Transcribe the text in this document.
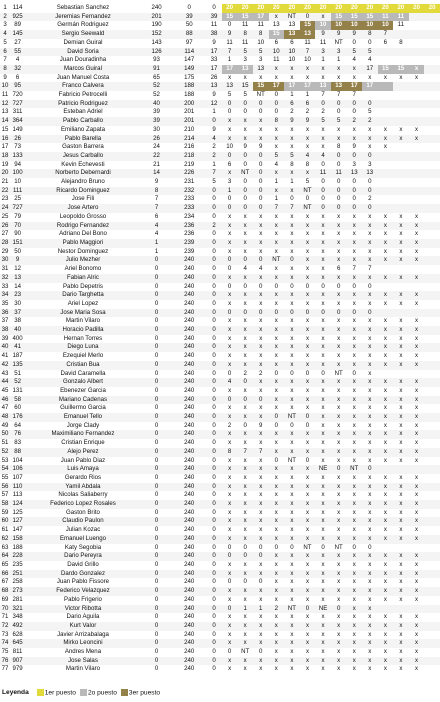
1	114	Sebastian Sanchez	240	0	0	20	20	20	20	20	20	20	20	20	20	20	20	20	20
2	925	Jeremias Fernandez	201	39	39	15	15	17	x	NT	0	x	15	15	15	11	11		
3	89	Germán Rodriguez	190	50	11	0	11	11	13	13	15	10	10	10	10	10	11		
4	145	Sergio Seewald	152	88	38	9	8	8	15	13	13	9	9	9	8	7			
5	27	Demian Guiral	143	97	9	11	11	10	6	6	11	11	NT	0	0	6	8		
6	55	David Soria	126	114	17	7	5	5	10	10	7	3	3	5	5				
7	4	Juan Douradinha	93	147	33	1	3	3	11	10	10	1	1	4	4				
8	32	Marcos Guiral	91	149	17	17	13	13	x	x	x	x	x	x	17	15	15	x	
9	6	Juan Manuel Costa	65	175	26	x	x	x	x	x	x	x	x	x	x	x	x	x	
10	95	Franco Calvera	52	188	13	13	15	15	17	17	17	13	13	17	17				
11	720	Fabricio Petrocelli	52	188	9	5	5	NT	0	1	1	7	7	7					
12	727	Patricio Rodriguez	40	200	12	0	0	0	0	6	6	0	0	0	0				
13	311	Esteban Adriel	39	201	1	0	0	0	0	2	2	2	0	0	5				
14	364	Pablo Carballo	39	201	0	x	x	x	8	9	9	5	5	2	2				
15	149	Emiliano Zapata	30	210	9	x	x	x	x	x	x	x	x	x	x	x	x	x	
16	26	Pablo Barella	26	214	4	x	x	x	x	x	x	x	x	x	x	x	x	x	
17	73	Gaston Barrera	24	216	2	10	9	9	x	x	x	x	8	9	x	x			
18	133	Jesus Carballo	22	218	2	0	0	0	5	5	4	4	0	0	0				
19	94	Kevin Echevesti	21	219	1	6	0	0	4	8	8	0	0	3	3				
20	100	Norberto Debernardi	14	226	7	x	NT	0	x	x	x	11	11	13	13				
21	10	Alejandro Bruno	9	231	5	3	0	0	1	1	5	0	0	0	0				
22	111	Ricardo Dominguez	8	232	0	1	0	0	x	x	NT	0	0	0	0				
23	25	Jose Fili	7	233	0	0	0	0	1	0	0	0	0	0	2				
24	727	Jose Artero	7	233	0	0	0	0	7	7	NT	0	0	0	0				
25	79	Leopoldo Grosso	6	234	0	x	x	x	x	x	x	x	x	x	x	x	x	x	
26	70	Rodrigo Fernandez	4	236	2	x	x	x	x	x	x	x	x	x	x	x	x	x	
27	90	Adriano Del Bono	4	236	0	x	x	x	x	x	x	x	x	x	x	x	x	x	
28	151	Pablo Maggiori	1	239	0	x	x	x	x	x	x	x	x	x	x	x	x	x	
29	50	Nestor Dominguez	1	239	0	x	x	x	x	x	x	x	x	x	x	x	x	x	
30	9	Julio Mezher	0	240	0	0	0	0	NT	0	x	x	x	x	x	x	x	x	
31	12	Ariel Bonomo	0	240	0	0	4	4	x	x	x	x	6	7	7				
32	13	Fabian Alric	0	240	0	x	x	x	x	x	x	x	x	x	x	x	x	x	
33	14	Pablo Depetris	0	240	0	0	0	0	0	0	0	0	0	0	0				
34	23	Dario Targhetta	0	240	0	x	x	x	x	x	x	x	x	x	x	x	x	x	
35	30	Ariel Lopez	0	240	0	x	x	x	x	x	x	x	x	x	x	x	x	x	
36	37	Jose Maria Sosa	0	240	0	0	0	0	0	0	0	0	0	0	0				
37	38	Martin Vilaro	0	240	0	x	x	x	x	x	x	x	x	x	x	x	x	x	
38	40	Horacio Padilla	0	240	0	x	x	x	x	x	x	x	x	x	x	x	x	x	
39	400	Hernan Torres	0	240	0	x	x	x	x	x	x	x	x	x	x	x	x	x	
40	41	Diego Luna	0	240	0	x	x	x	x	x	x	x	x	x	x	x	x	x	
41	187	Ezequiel Merlo	0	240	0	x	x	x	x	x	x	x	x	x	x	x	x	x	
42	135	Cristian Bua	0	240	0	x	x	x	x	x	x	x	x	x	x	x	x	x	
43	51	David Caramella	0	240	0	0	2	2	0	0	0	0	NT	0	x				
44	52	Gonzalo Albert	0	240	0	4	0	x	x	x	x	x	x	x	x	x	x	x	
45	131	Ebenezer Garcia	0	240	0	x	x	x	x	x	x	x	x	x	x	x	x	x	
46	58	Mariano Cadenas	0	240	0	0	0	0	x	x	x	x	x	x	x	x	x	x	
47	60	Guillermo Garcia	0	240	0	x	x	x	x	x	x	x	x	x	x	x	x	x	
48	176	Emanuel Tello	0	240	0	x	x	x	0	NT	0	x	x	x	x	x	x	x	
49	64	Jorge Clady	0	240	0	2	0	9	0	0	0	x	x	x	x	x	x	x	
50	76	Maximiliano Fernandez	0	240	0	x	x	x	x	x	x	x	x	x	x	x	x	x	
51	83	Cristian Enrique	0	240	0	x	x	x	x	x	x	x	x	x	x	x	x	x	
52	88	Alejo Perez	0	240	0	8	7	7	x	x	x	x	x	x	x	x	x	x	
53	104	Juan Pablo Diaz	0	240	0	x	x	x	0	NT	0	x	x	x	x	x	x	x	
54	106	Luis Amaya	0	240	0	x	x	x	x	x	x	NE	0	NT	0				
55	107	Gerardo Rios	0	240	0	x	x	x	x	x	x	x	x	x	x	x	x	x	
56	110	Yamil Abdala	0	240	0	x	x	x	x	x	x	x	x	x	x	x	x	x	
57	113	Nicolas Saliaberry	0	240	0	x	x	x	x	x	x	x	x	x	x	x	x	x	
58	124	Federico Lopez Rosales	0	240	0	x	x	x	x	x	x	x	x	x	x	x	x	x	
59	125	Gaston Brito	0	240	0	x	x	x	x	x	x	x	x	x	x	x	x	x	
60	127	Claudio Paulon	0	240	0	x	x	x	x	x	x	x	x	x	x	x	x	x	
61	147	Julian Kozac	0	240	0	x	x	x	x	x	x	x	x	x	x	x	x	x	
62	158	Emanuel Luengo	0	240	0	x	x	x	x	x	x	x	x	x	x	x	x	x	
63	188	Katy Segobia	0	240	0	0	0	0	0	0	NT	0	NT	0	0				
64	228	Dario Pereyra	0	240	0	0	0	0	x	x	x	x	x	x	x	x	x	x	
65	235	David Grillo	0	240	0	x	x	x	x	x	x	x	x	x	x	x	x	x	
66	251	Dardo Gonzalez	0	240	0	x	x	x	x	x	x	x	x	x	x	x	x	x	
67	258	Juan Pablo Fissore	0	240	0	0	0	0	x	x	x	x	x	x	x	x	x	x	
68	273	Federico Velazquez	0	240	0	x	x	x	x	x	x	x	x	x	x	x	x	x	
69	281	Pablo Frigerio	0	240	0	x	x	x	x	x	x	x	x	x	x	x	x	x	
70	321	Victor Ribotta	0	240	0	0	1	1	2	NT	0	NE	0	x	x				
71	348	Dario Aguila	0	240	0	x	x	x	x	x	x	x	x	x	x	x	x	x	
72	492	Kurt Valor	0	240	0	x	x	x	x	x	x	x	x	x	x	x	x	x	
73	628	Javier Arrizabalaga	0	240	0	x	x	x	x	x	x	x	x	x	x	x	x	x	
74	645	Mirko Leoncini	0	240	0	x	x	x	x	x	x	x	x	x	x	x	x	x	
75	811	Andres Mena	0	240	0	0	NT	0	x	x	x	x	x	x	x	x	x	x	
76	907	Jose Salas	0	240	0	x	x	x	x	x	x	x	x	x	x	x	x	x	
77	979	Martin Vilaro	0	240	0	x	x	x	x	x	x	x	x	x	x	x	x	x	
Leyenda	1er puesto	2o puesto	3er puesto
